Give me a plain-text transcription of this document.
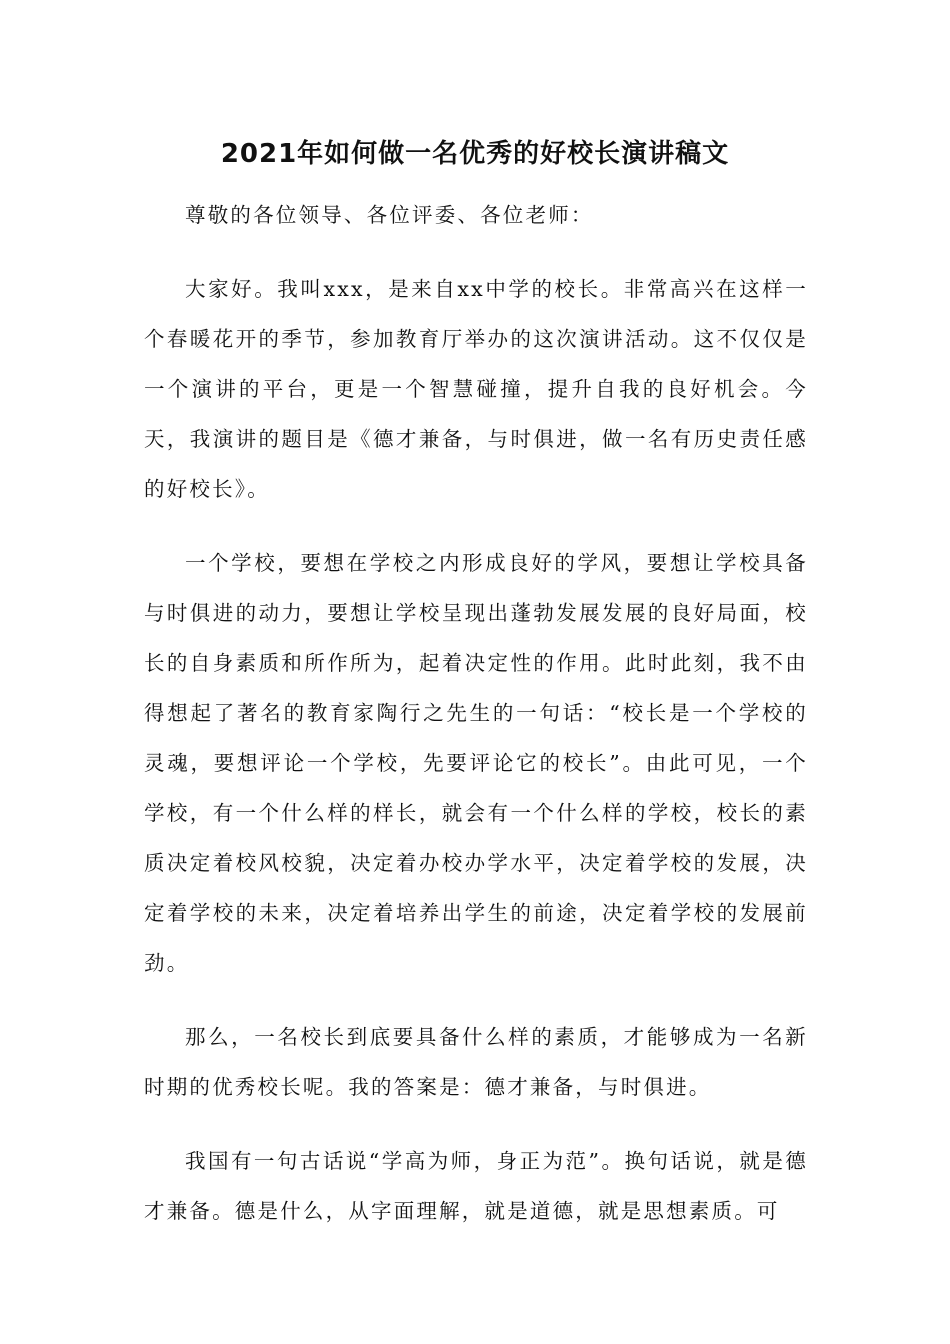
2021年如何做一名优秀的好校长演讲稿文

尊敬的各位领导、各位评委、各位老师：

大家好。我叫xxx，是来自xx中学的校长。非常高兴在这样一个春暖花开的季节，参加教育厅举办的这次演讲活动。这不仅仅是一个演讲的平台，更是一个智慧碰撞，提升自我的良好机会。今天，我演讲的题目是《德才兼备，与时俱进，做一名有历史责任感的好校长》。

一个学校，要想在学校之内形成良好的学风，要想让学校具备与时俱进的动力，要想让学校呈现出蓬勃发展发展的良好局面，校长的自身素质和所作所为，起着决定性的作用。此时此刻，我不由得想起了著名的教育家陶行之先生的一句话：“校长是一个学校的灵魂，要想评论一个学校，先要评论它的校长”。由此可见，一个学校，有一个什么样的样长，就会有一个什么样的学校，校长的素质决定着校风校貌，决定着办校办学水平，决定着学校的发展，决定着学校的未来，决定着培养出学生的前途，决定着学校的发展前劲。

那么，一名校长到底要具备什么样的素质，才能够成为一名新时期的优秀校长呢。我的答案是：德才兼备，与时俱进。

我国有一句古话说“学高为师，身正为范”。换句话说，就是德才兼备。德是什么，从字面理解，就是道德，就是思想素质。可
